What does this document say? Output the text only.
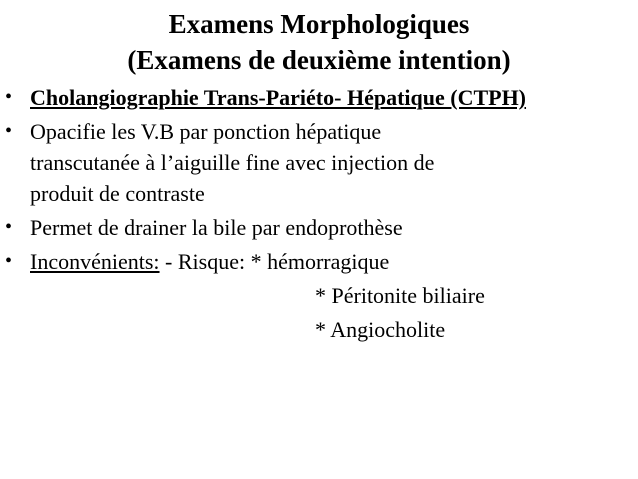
Examens Morphologiques
(Examens de deuxième intention)
• Cholangiographie Trans-Pariéto- Hépatique (CTPH)
• Opacifie les V.B par ponction hépatique
transcutanée à l’aiguille fine avec injection de
produit de contraste
• Permet de drainer la bile par endoprothèse
• Inconvénients: - Risque: * hémorragique
* Péritonite biliaire
* Angiocholite
